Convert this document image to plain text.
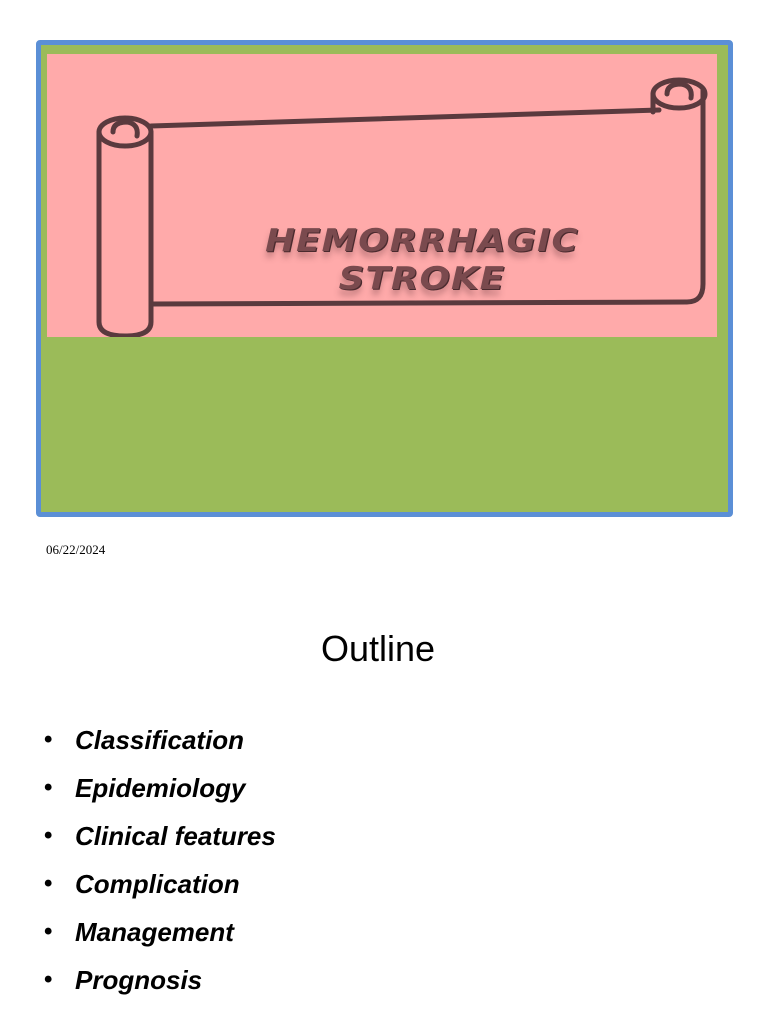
HEMORRHAGIC
STROKE
06/22/2024
Outline
• Classification
• Epidemiology
• Clinical features
• Complication
• Management
• Prognosis
